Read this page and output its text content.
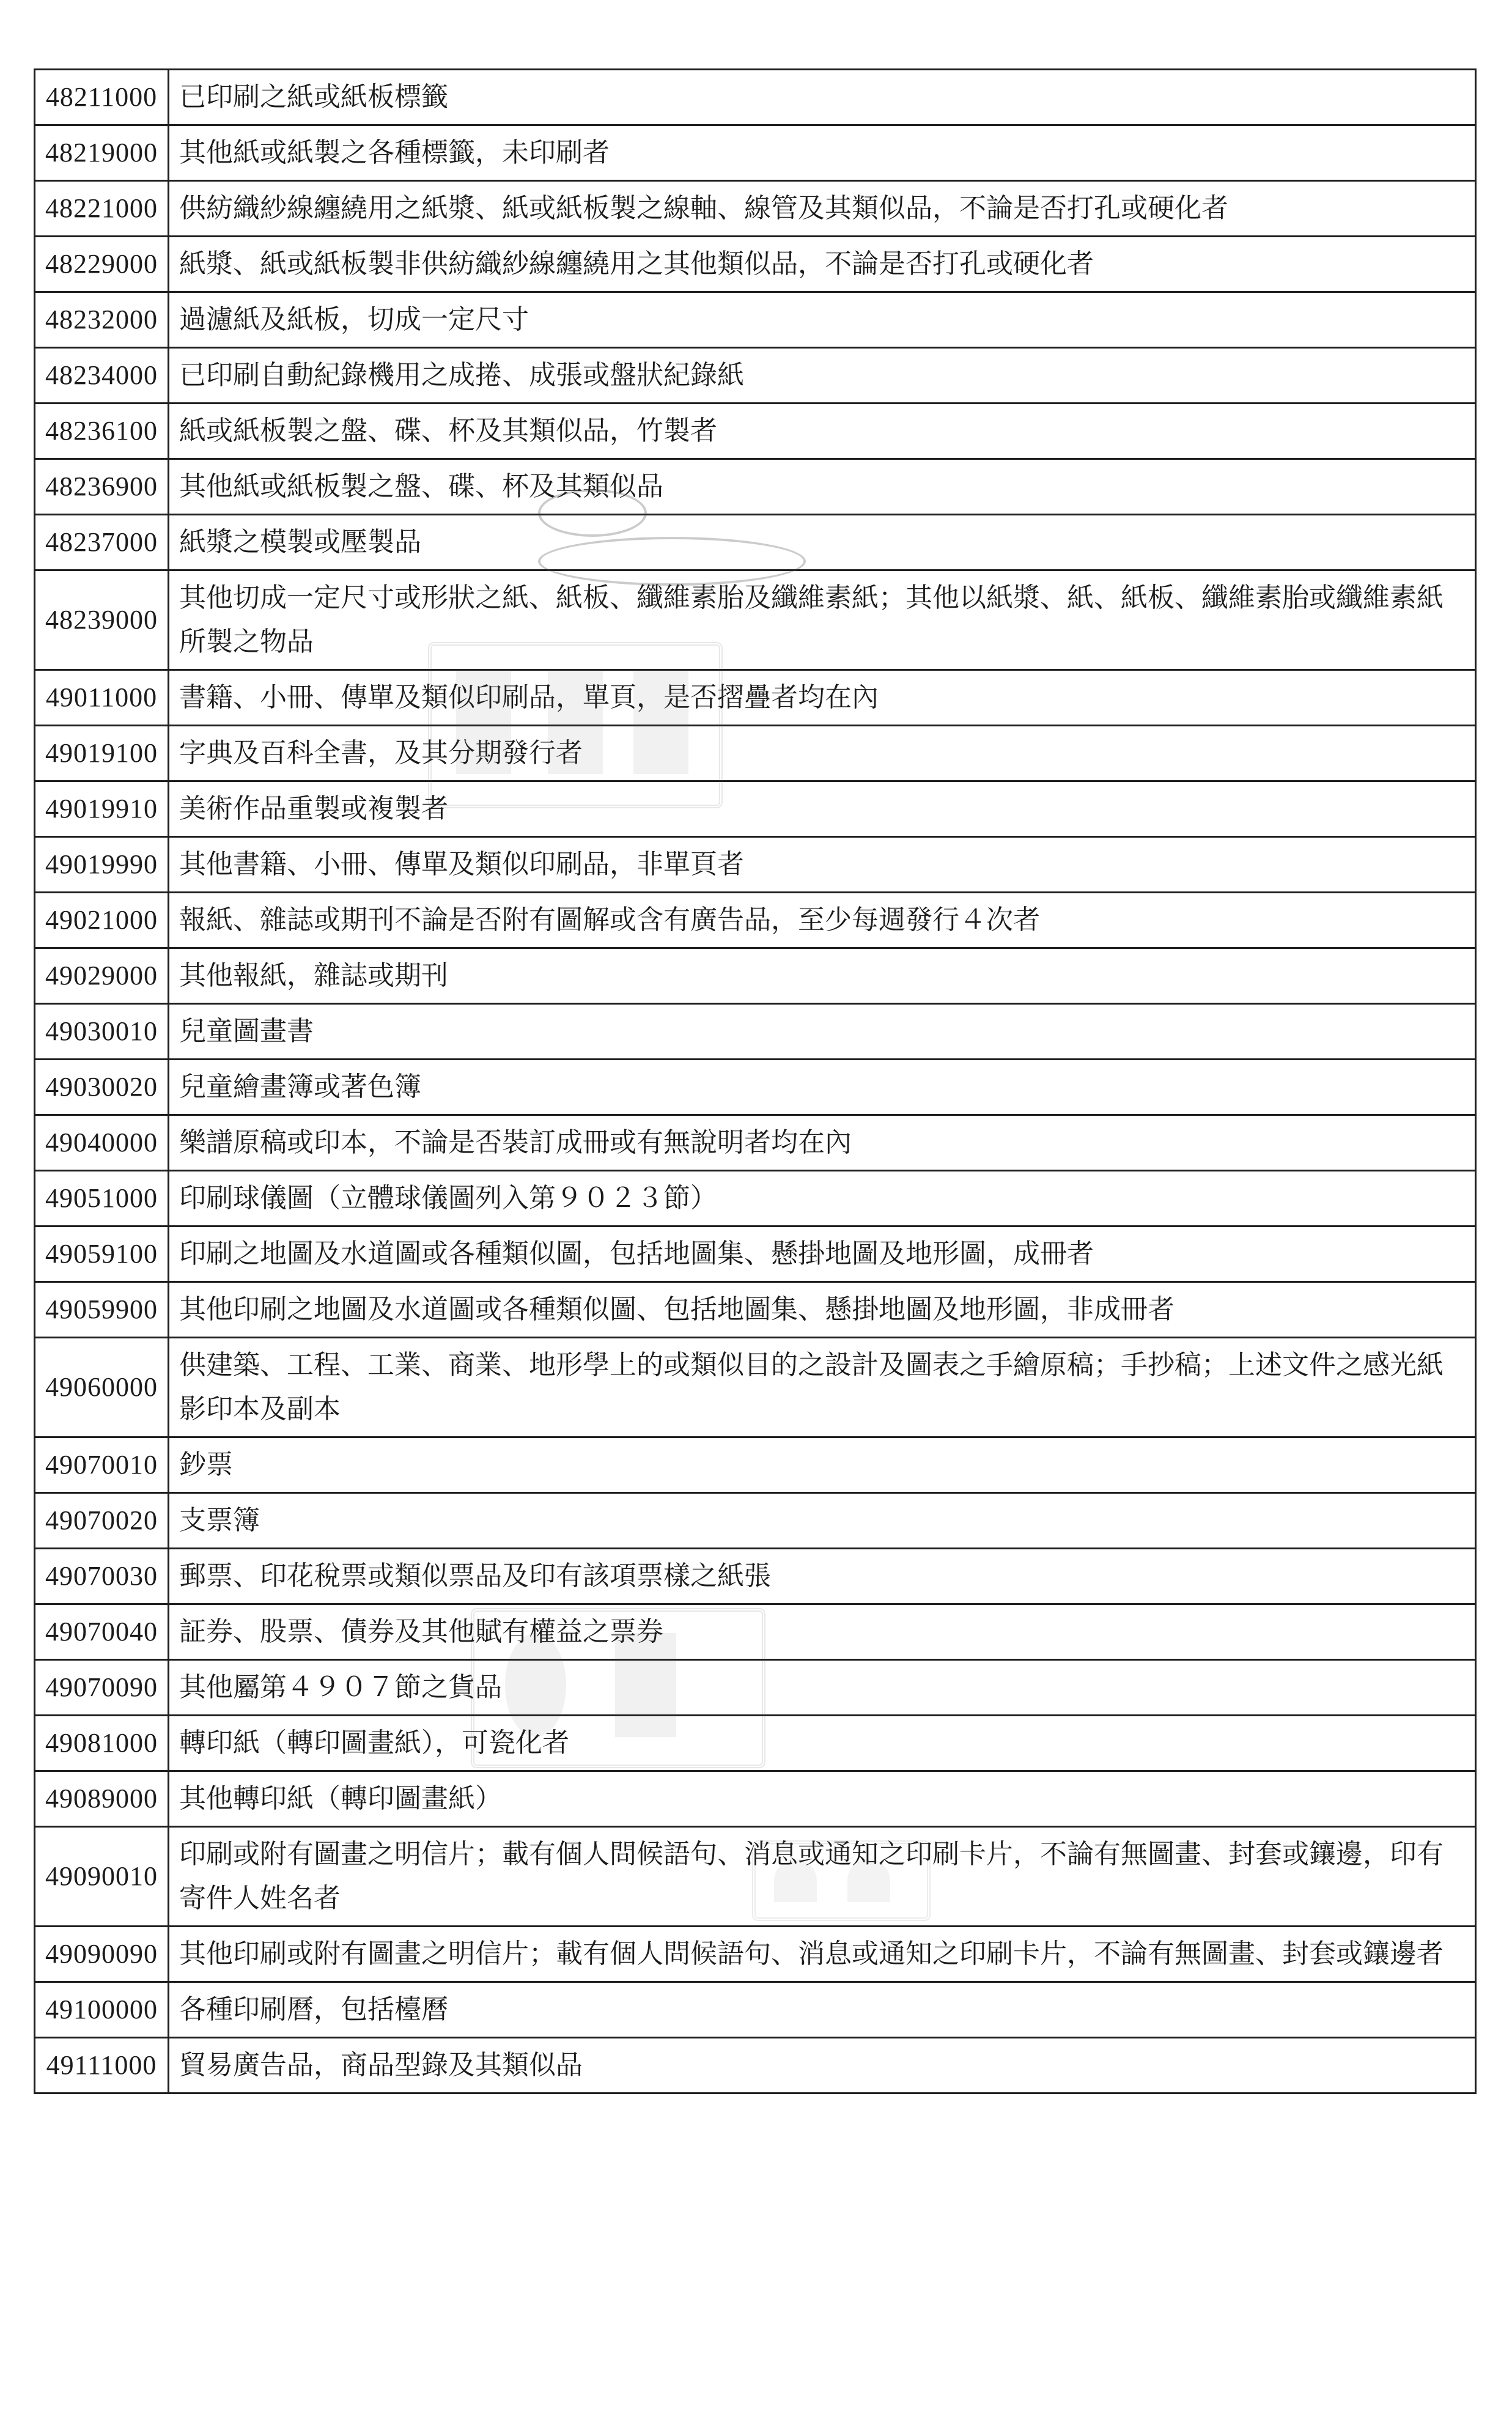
48211000	已印刷之紙或紙板標籤
48219000	其他紙或紙製之各種標籤，未印刷者
48221000	供紡織紗線纏繞用之紙漿、紙或紙板製之線軸、線管及其類似品，不論是否打孔或硬化者
48229000	紙漿、紙或紙板製非供紡織紗線纏繞用之其他類似品，不論是否打孔或硬化者
48232000	過濾紙及紙板，切成一定尺寸
48234000	已印刷自動紀錄機用之成捲、成張或盤狀紀錄紙
48236100	紙或紙板製之盤、碟、杯及其類似品，竹製者
48236900	其他紙或紙板製之盤、碟、杯及其類似品
48237000	紙漿之模製或壓製品
48239000	其他切成一定尺寸或形狀之紙、紙板、纖維素胎及纖維素紙；其他以紙漿、紙、紙板、纖維素胎或纖維素紙所製之物品
49011000	書籍、小冊、傳單及類似印刷品，單頁，是否摺疊者均在內
49019100	字典及百科全書，及其分期發行者
49019910	美術作品重製或複製者
49019990	其他書籍、小冊、傳單及類似印刷品，非單頁者
49021000	報紙、雜誌或期刊不論是否附有圖解或含有廣告品，至少每週發行４次者
49029000	其他報紙，雜誌或期刊
49030010	兒童圖畫書
49030020	兒童繪畫簿或著色簿
49040000	樂譜原稿或印本，不論是否裝訂成冊或有無說明者均在內
49051000	印刷球儀圖（立體球儀圖列入第９０２３節）
49059100	印刷之地圖及水道圖或各種類似圖，包括地圖集、懸掛地圖及地形圖，成冊者
49059900	其他印刷之地圖及水道圖或各種類似圖、包括地圖集、懸掛地圖及地形圖，非成冊者
49060000	供建築、工程、工業、商業、地形學上的或類似目的之設計及圖表之手繪原稿；手抄稿；上述文件之感光紙影印本及副本
49070010	鈔票
49070020	支票簿
49070030	郵票、印花稅票或類似票品及印有該項票樣之紙張
49070040	証券、股票、債券及其他賦有權益之票券
49070090	其他屬第４９０７節之貨品
49081000	轉印紙（轉印圖畫紙），可瓷化者
49089000	其他轉印紙（轉印圖畫紙）
49090010	印刷或附有圖畫之明信片；載有個人問候語句、消息或通知之印刷卡片，不論有無圖畫、封套或鑲邊，印有寄件人姓名者
49090090	其他印刷或附有圖畫之明信片；載有個人問候語句、消息或通知之印刷卡片，不論有無圖畫、封套或鑲邊者
49100000	各種印刷曆，包括檯曆
49111000	貿易廣告品，商品型錄及其類似品
